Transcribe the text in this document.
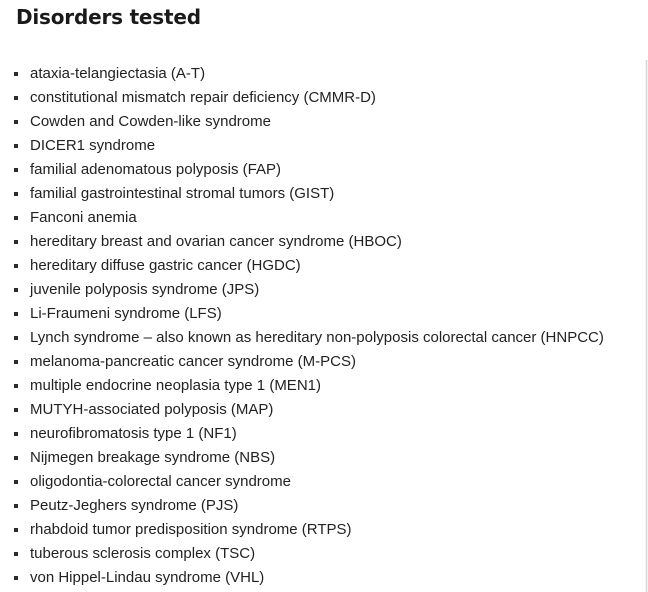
Disorders tested
ataxia-telangiectasia (A-T)
constitutional mismatch repair deficiency (CMMR-D)
Cowden and Cowden-like syndrome
DICER1 syndrome
familial adenomatous polyposis (FAP)
familial gastrointestinal stromal tumors (GIST)
Fanconi anemia
hereditary breast and ovarian cancer syndrome (HBOC)
hereditary diffuse gastric cancer (HGDC)
juvenile polyposis syndrome (JPS)
Li-Fraumeni syndrome (LFS)
Lynch syndrome – also known as hereditary non-polyposis colorectal cancer (HNPCC)
melanoma-pancreatic cancer syndrome (M-PCS)
multiple endocrine neoplasia type 1 (MEN1)
MUTYH-associated polyposis (MAP)
neurofibromatosis type 1 (NF1)
Nijmegen breakage syndrome (NBS)
oligodontia-colorectal cancer syndrome
Peutz-Jeghers syndrome (PJS)
rhabdoid tumor predisposition syndrome (RTPS)
tuberous sclerosis complex (TSC)
von Hippel-Lindau syndrome (VHL)
